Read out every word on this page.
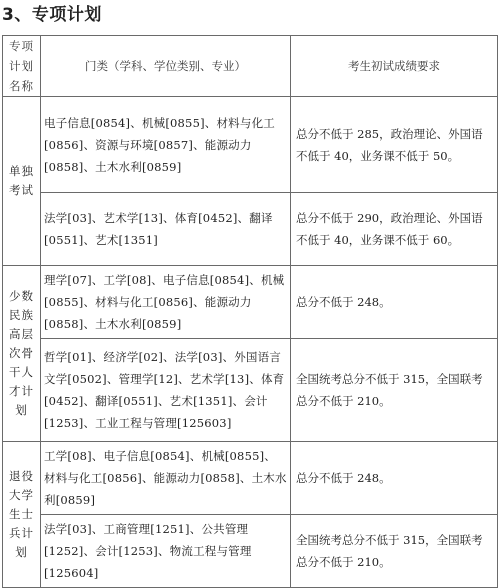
3、专项计划
专项计划名称	门类（学科、学位类别、专业）	考生初试成绩要求
单独考试	电子信息[0854]、机械[0855]、材料与化工[0856]、资源与环境[0857]、能源动力[0858]、土木水利[0859]	总分不低于 285，政治理论、外国语不低于 40，业务课不低于 50。
	法学[03]、艺术学[13]、体育[0452]、翻译[0551]、艺术[1351]	总分不低于 290，政治理论、外国语不低于 40，业务课不低于 60。
少数民族高层次骨干人才计划	理学[07]、工学[08]、电子信息[0854]、机械[0855]、材料与化工[0856]、能源动力[0858]、土木水利[0859]	总分不低于 248。
	哲学[01]、经济学[02]、法学[03]、外国语言文学[0502]、管理学[12]、艺术学[13]、体育[0452]、翻译[0551]、艺术[1351]、会计[1253]、工业工程与管理[125603]	全国统考总分不低于 315，全国联考总分不低于 210。
退役大学生士兵计划	工学[08]、电子信息[0854]、机械[0855]、材料与化工[0856]、能源动力[0858]、土木水利[0859]	总分不低于 248。
	法学[03]、工商管理[1251]、公共管理[1252]、会计[1253]、物流工程与管理[125604]	全国统考总分不低于 315，全国联考总分不低于 210。
